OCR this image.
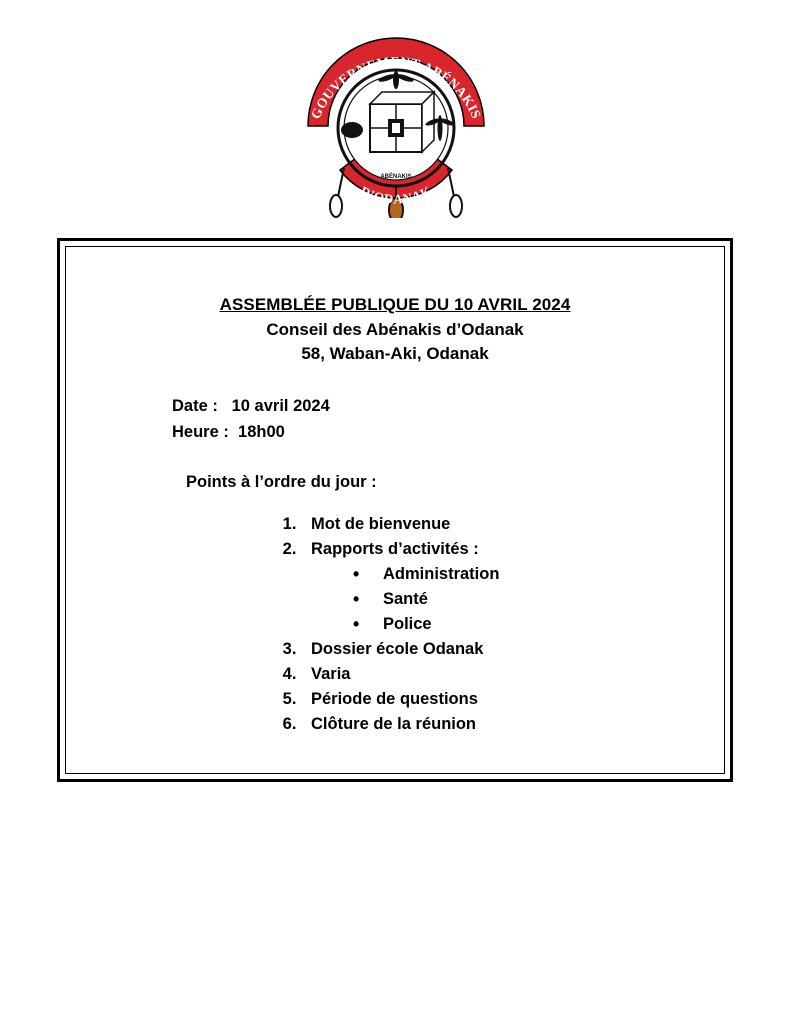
GOUVERNEMENT ABÉNAKIS
D’ODANAK
ABÉNAKIS
ASSEMBLÉE PUBLIQUE DU 10 AVRIL 2024
Conseil des Abénakis d’Odanak
58, Waban-Aki, Odanak
Date : 10 avril 2024
Heure : 18h00
Points à l’ordre du jour :
1. Mot de bienvenue
2. Rapports d’activités :
• Administration
• Santé
• Police
3. Dossier école Odanak
4. Varia
5. Période de questions
6. Clôture de la réunion
